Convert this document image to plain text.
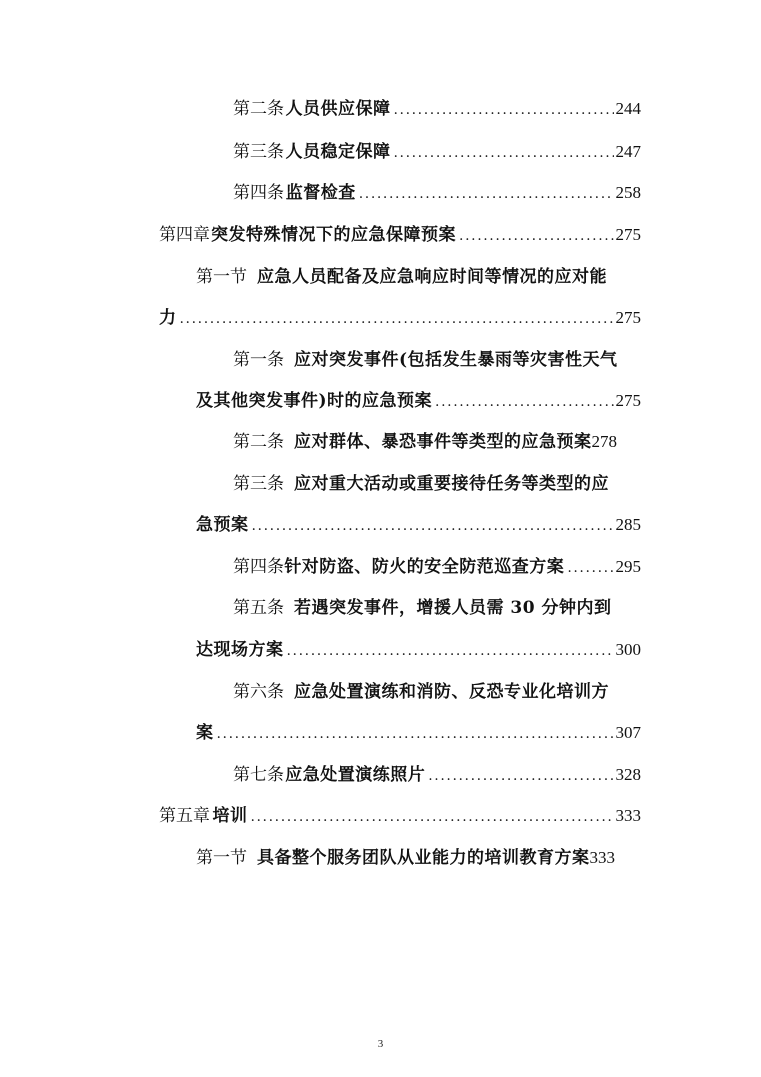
第二条 人员供应保障 .....	244
第三条 人员稳定保障 .....	247
第四条 监督检查 .....	258
第四章 突发特殊情况下的应急保障预案 .....	275
第一节 应急人员配备及应急响应时间等情况的应对能
力 .....	275
第一条 应对突发事件(包括发生暴雨等灾害性天气
及其他突发事件)时的应急预案 .....	275
第二条 应对群体、暴恐事件等类型的应急预案 278
第三条 应对重大活动或重要接待任务等类型的应
急预案 .....	285
第四条 针对防盗、防火的安全防范巡查方案 .....	295
第五条 若遇突发事件，增援人员需 30 分钟内到
达现场方案 .....	300
第六条 应急处置演练和消防、反恐专业化培训方
案 .....	307
第七条 应急处置演练照片 .....	328
第五章 培训 .....	333
第一节 具备整个服务团队从业能力的培训教育方案 333
3
